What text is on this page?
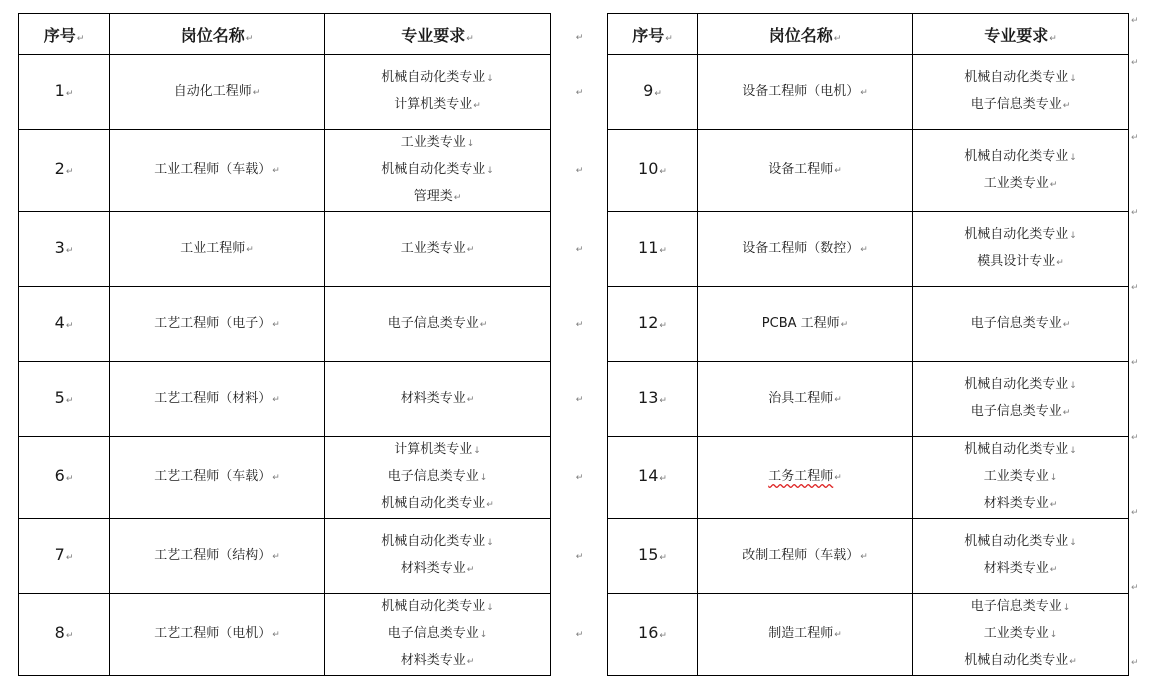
序号↵	岗位名称↵	专业要求↵	↵	序号↵	岗位名称↵	专业要求↵
1↵	自动化工程师↵	机械自动化类专业↓
计算机类专业↵	↵	9↵	设备工程师（电机）↵	机械自动化类专业↓
电子信息类专业↵

2↵	工业工程师（车载）↵	工业类专业↓
机械自动化类专业↓
管理类↵	↵	10↵	设备工程师↵	机械自动化类专业↓
工业类专业↵

3↵	工业工程师↵	工业类专业↵	↵	11↵	设备工程师（数控）↵	机械自动化类专业↓
模具设计专业↵

4↵	工艺工程师（电子）↵	电子信息类专业↵	↵	12↵	PCBA 工程师↵	电子信息类专业↵

5↵	工艺工程师（材料）↵	材料类专业↵	↵	13↵	治具工程师↵	机械自动化类专业↓
电子信息类专业↵

6↵	工艺工程师（车载）↵	计算机类专业↓
电子信息类专业↓
机械自动化类专业↵	↵	14↵	工务工程师↵	机械自动化类专业↓
工业类专业↓
材料类专业↵

7↵	工艺工程师（结构）↵	机械自动化类专业↓
材料类专业↵	↵	15↵	改制工程师（车载）↵	机械自动化类专业↓
材料类专业↵

8↵	工艺工程师（电机）↵	机械自动化类专业↓
电子信息类专业↓
材料类专业↵	↵	16↵	制造工程师↵	电子信息类专业↓
工业类专业↓
机械自动化类专业↵
↵
↵
↵
↵
↵
↵
↵
↵
↵
↵
